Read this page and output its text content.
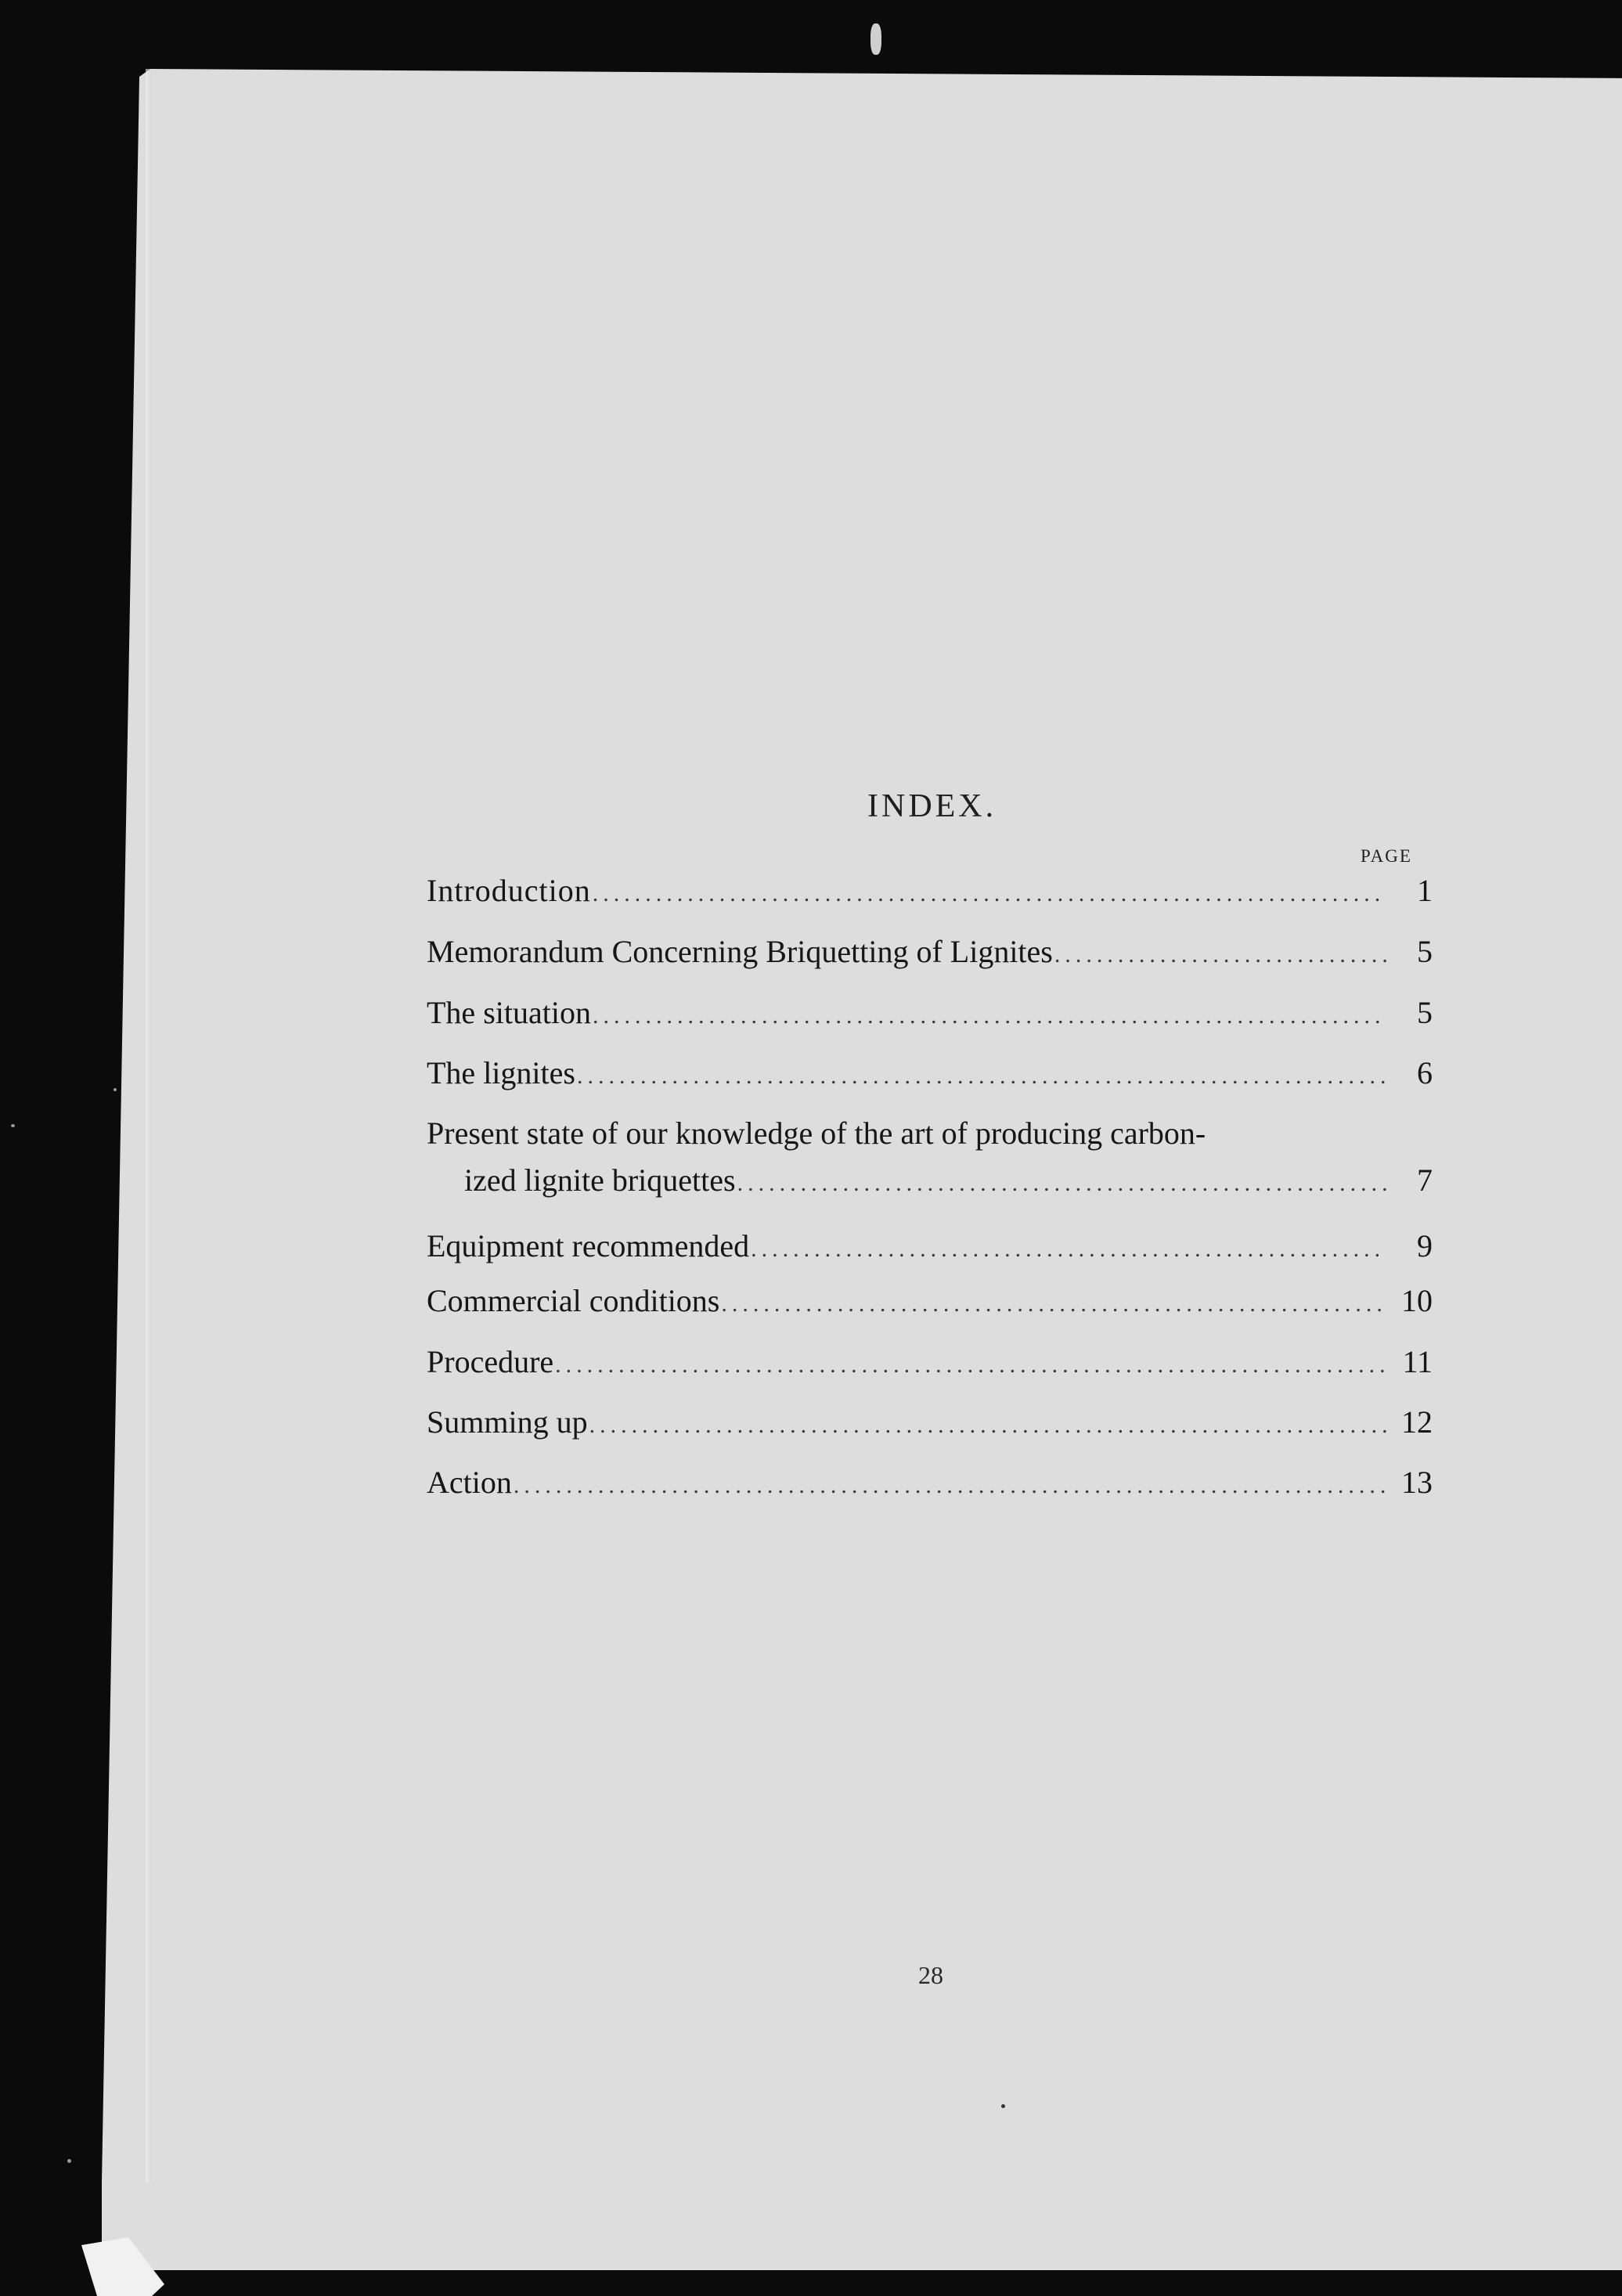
INDEX.
PAGE
Introduction .....	1
Memorandum Concerning Briquetting of Lignites .....	5
The situation .....	5
The lignites .....	6
Present state of our knowledge of the art of producing carbon-
ized lignite briquettes .....	7
Equipment recommended .....	9
Commercial conditions .....	10
Procedure .....	11
Summing up .....	12
Action .....	13
28
